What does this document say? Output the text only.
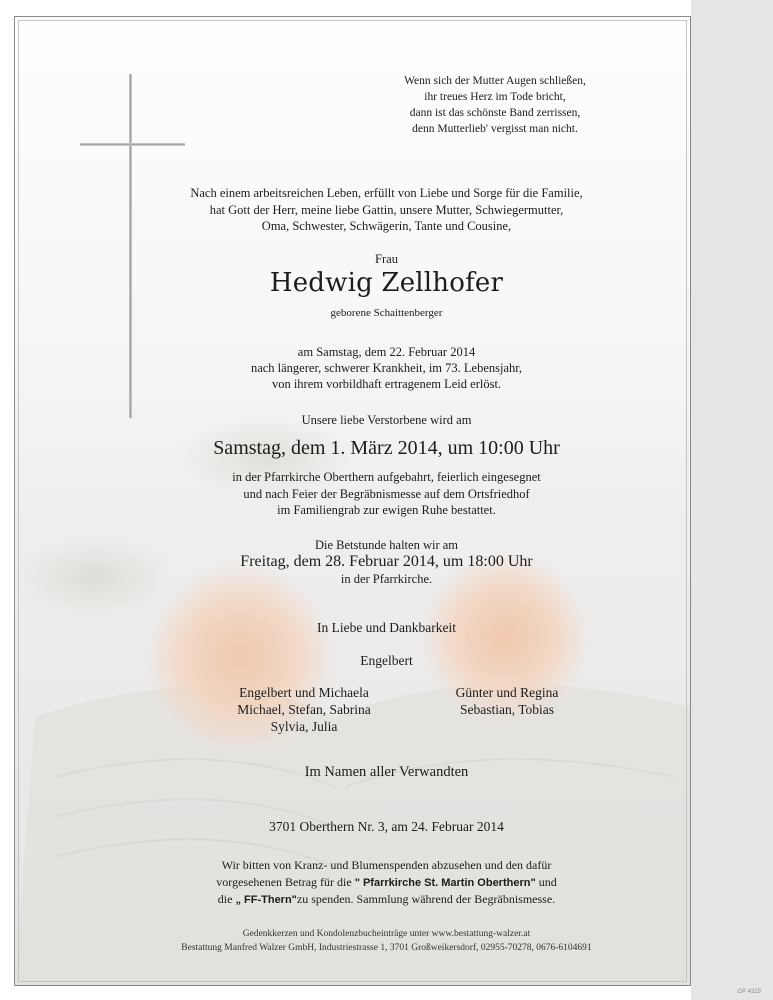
Wenn sich der Mutter Augen schließen,
ihr treues Herz im Tode bricht,
dann ist das schönste Band zerrissen,
denn Mutterlieb' vergisst man nicht.
Nach einem arbeitsreichen Leben, erfüllt von Liebe und Sorge für die Familie,
hat Gott der Herr, meine liebe Gattin, unsere Mutter, Schwiegermutter,
Oma, Schwester, Schwägerin, Tante und Cousine,
Frau
Hedwig Zellhofer
geborene Schaittenberger
am Samstag, dem 22. Februar 2014
nach längerer, schwerer Krankheit, im 73. Lebensjahr,
von ihrem vorbildhaft ertragenem Leid erlöst.
Unsere liebe Verstorbene wird am
Samstag, dem 1. März 2014, um 10:00 Uhr
in der Pfarrkirche Oberthern aufgebahrt, feierlich eingesegnet
und nach Feier der Begräbnismesse auf dem Ortsfriedhof
im Familiengrab zur ewigen Ruhe bestattet.
Die Betstunde halten wir am
Freitag, dem 28. Februar 2014, um 18:00 Uhr
in der Pfarrkirche.
In Liebe und Dankbarkeit
Engelbert
Engelbert und Michaela
Michael, Stefan, Sabrina
Sylvia, Julia
Günter und Regina
Sebastian, Tobias
Im Namen aller Verwandten
3701 Oberthern Nr. 3, am 24. Februar 2014
Wir bitten von Kranz- und Blumenspenden abzusehen und den dafür
vorgesehenen Betrag für die " Pfarrkirche St. Martin Oberthern" und
die „ FF-Thern"zu spenden. Sammlung während der Begräbnismesse.
Gedenkkerzen und Kondolenzbucheinträge unter www.bestattung-walzer.at
Bestattung Manfred Walzer GmbH, Industriestrasse 1, 3701 Großweikersdorf, 02955-70278, 0676-6104691
GP 4323
